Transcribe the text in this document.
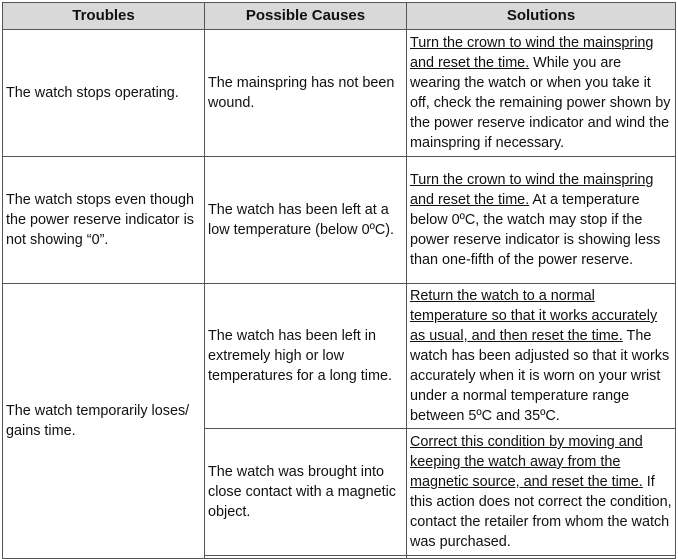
Troubles	Possible Causes	Solutions
The watch stops operating.	The mainspring has not been wound.	Turn the crown to wind the mainspring and reset the time. While you are wearing the watch or when you take it off, check the remaining power shown by the power reserve indicator and wind the mainspring if necessary.
The watch stops even though the power reserve indicator is not showing “0”.	The watch has been left at a low temperature (below 0ºC).	Turn the crown to wind the mainspring and reset the time. At a temperature below 0ºC, the watch may stop if the power reserve indicator is showing less than one-fifth of the power reserve.
The watch temporarily loses/ gains time.	The watch has been left in extremely high or low temperatures for a long time.	Return the watch to a normal temperature so that it works accurately as usual, and then reset the time. The watch has been adjusted so that it works accurately when it is worn on your wrist under a normal temperature range between 5ºC and 35ºC.
	The watch was brought into close contact with a magnetic object.	Correct this condition by moving and keeping the watch away from the magnetic source, and reset the time. If this action does not correct the condition, contact the retailer from whom the watch was purchased.
